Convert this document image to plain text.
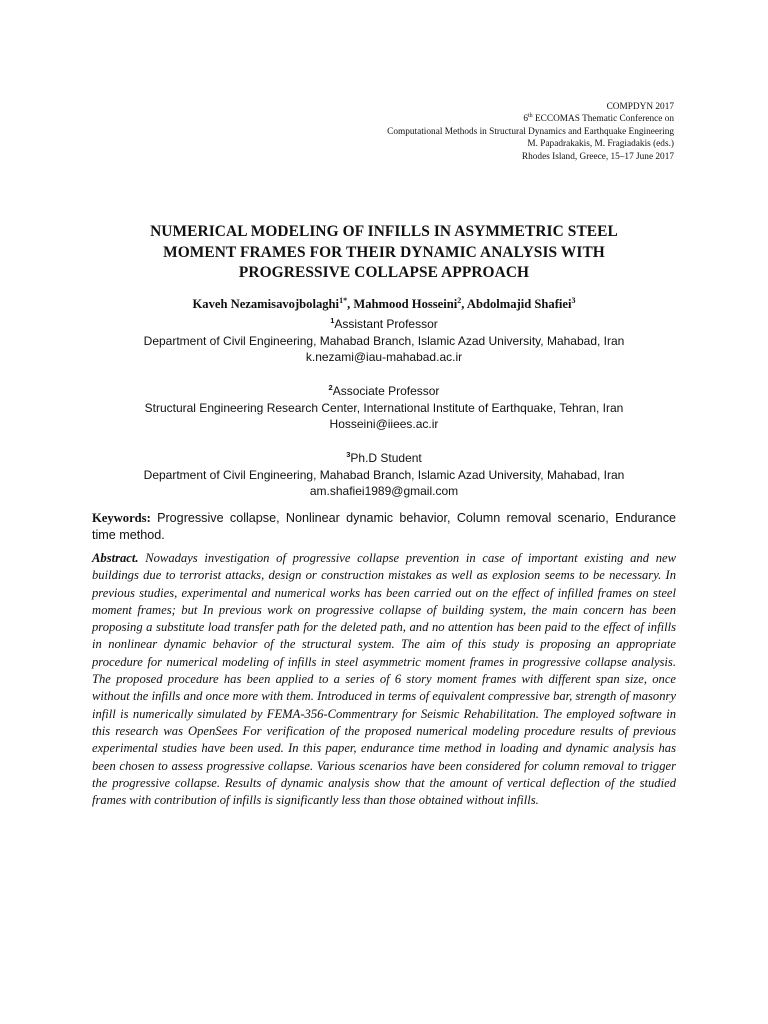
COMPDYN 2017
6th ECCOMAS Thematic Conference on
Computational Methods in Structural Dynamics and Earthquake Engineering
M. Papadrakakis, M. Fragiadakis (eds.)
Rhodes Island, Greece, 15–17 June 2017
NUMERICAL MODELING OF INFILLS IN ASYMMETRIC STEEL
MOMENT FRAMES FOR THEIR DYNAMIC ANALYSIS WITH
PROGRESSIVE COLLAPSE APPROACH
Kaveh Nezamisavojbolaghi$^{1*}$, Mahmood Hosseini$^2$, Abdolmajid Shafiei$^3$
$^1$Assistant Professor
Department of Civil Engineering, Mahabad Branch, Islamic Azad University, Mahabad, Iran
k.nezami@iau-mahabad.ac.ir
$^2$Associate Professor
Structural Engineering Research Center, International Institute of Earthquake, Tehran, Iran
Hosseini@iiees.ac.ir
$^3$Ph.D Student
Department of Civil Engineering, Mahabad Branch, Islamic Azad University, Mahabad, Iran
am.shafiei1989@gmail.com
Keywords: Progressive collapse, Nonlinear dynamic behavior, Column removal scenario, Endurance time method.
Abstract. Nowadays investigation of progressive collapse prevention in case of important existing and new buildings due to terrorist attacks, design or construction mistakes as well as explosion seems to be necessary. In previous studies, experimental and numerical works has been carried out on the effect of infilled frames on steel moment frames; but In previous work on progressive collapse of building system, the main concern has been proposing a substitute load transfer path for the deleted path, and no attention has been paid to the effect of infills in nonlinear dynamic behavior of the structural system. The aim of this study is proposing an appropriate procedure for numerical modeling of infills in steel asymmetric moment frames in progressive collapse analysis. The proposed procedure has been applied to a series of 6 story moment frames with different span size, once without the infills and once more with them. Introduced in terms of equivalent compressive bar, strength of masonry infill is numerically simulated by FEMA-356-Commentrary for Seismic Rehabilitation. The employed software in this research was OpenSees For verification of the proposed numerical modeling procedure results of previous experimental studies have been used. In this paper, endurance time method in loading and dynamic analysis has been chosen to assess progressive collapse. Various scenarios have been considered for column removal to trigger the progressive collapse. Results of dynamic analysis show that the amount of vertical deflection of the studied frames with contribution of infills is significantly less than those obtained without infills.
